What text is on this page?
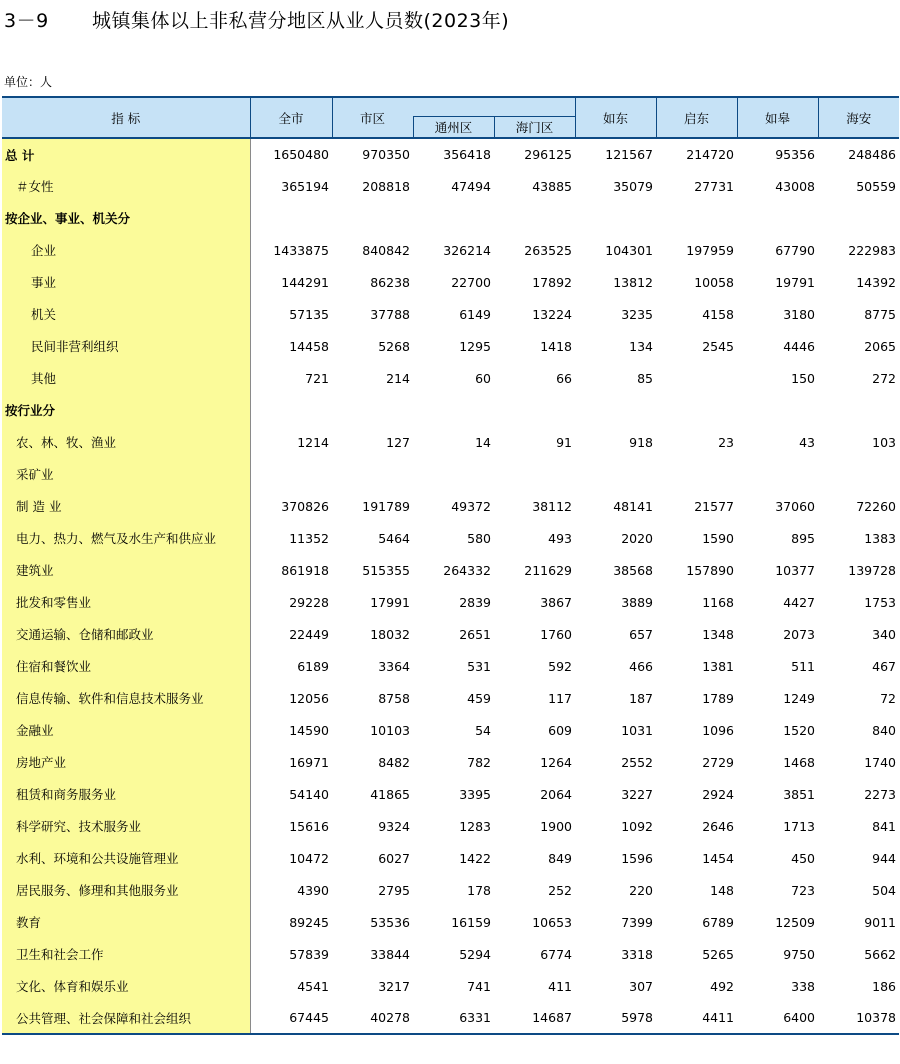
3－9 城镇集体以上非私营分地区从业人员数(2023年)
单位：人
指 标	全市	市区			如东	启东	如皋	海安
			通州区	海门区				
总 计	1650480	970350	356418	296125	121567	214720	95356	248486
＃女性	365194	208818	47494	43885	35079	27731	43008	50559
按企业、事业、机关分								
企业	1433875	840842	326214	263525	104301	197959	67790	222983
事业	144291	86238	22700	17892	13812	10058	19791	14392
机关	57135	37788	6149	13224	3235	4158	3180	8775
民间非营利组织	14458	5268	1295	1418	134	2545	4446	2065
其他	721	214	60	66	85		150	272
按行业分								
农、林、牧、渔业	1214	127	14	91	918	23	43	103
采矿业								
制 造 业	370826	191789	49372	38112	48141	21577	37060	72260
电力、热力、燃气及水生产和供应业	11352	5464	580	493	2020	1590	895	1383
建筑业	861918	515355	264332	211629	38568	157890	10377	139728
批发和零售业	29228	17991	2839	3867	3889	1168	4427	1753
交通运输、仓储和邮政业	22449	18032	2651	1760	657	1348	2073	340
住宿和餐饮业	6189	3364	531	592	466	1381	511	467
信息传输、软件和信息技术服务业	12056	8758	459	117	187	1789	1249	72
金融业	14590	10103	54	609	1031	1096	1520	840
房地产业	16971	8482	782	1264	2552	2729	1468	1740
租赁和商务服务业	54140	41865	3395	2064	3227	2924	3851	2273
科学研究、技术服务业	15616	9324	1283	1900	1092	2646	1713	841
水利、环境和公共设施管理业	10472	6027	1422	849	1596	1454	450	944
居民服务、修理和其他服务业	4390	2795	178	252	220	148	723	504
教育	89245	53536	16159	10653	7399	6789	12509	9011
卫生和社会工作	57839	33844	5294	6774	3318	5265	9750	5662
文化、体育和娱乐业	4541	3217	741	411	307	492	338	186
公共管理、社会保障和社会组织	67445	40278	6331	14687	5978	4411	6400	10378
